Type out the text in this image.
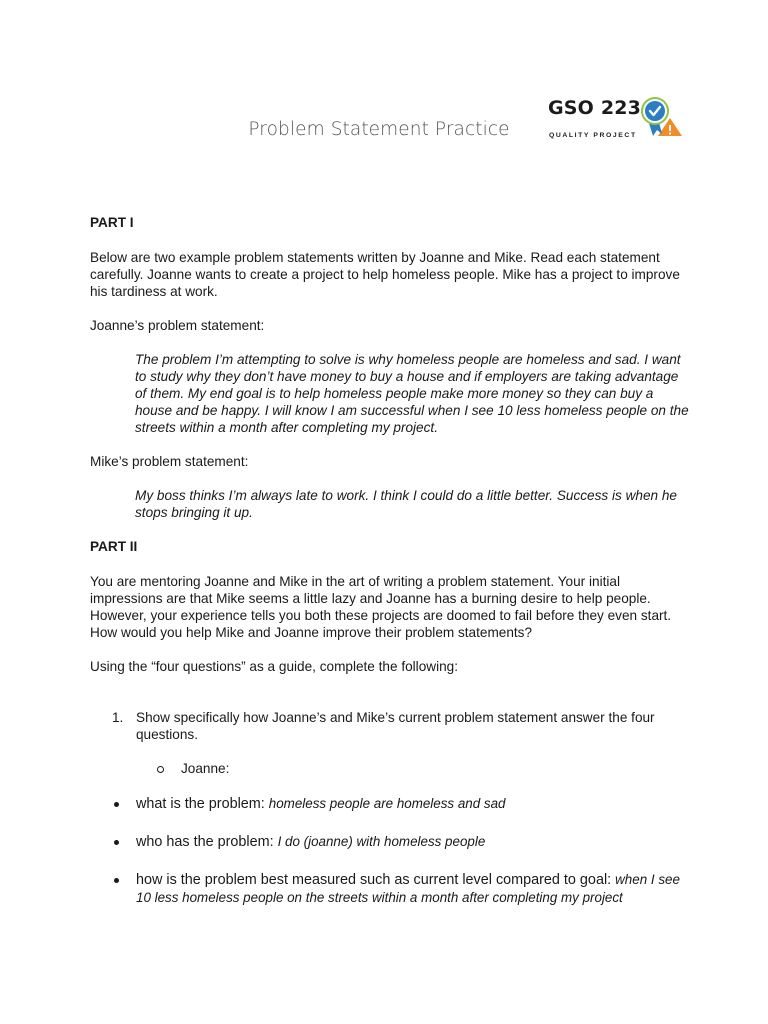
Problem Statement Practice
GSO 223
QUALITY PROJECT

PART I

Below are two example problem statements written by Joanne and Mike. Read each statement carefully. Joanne wants to create a project to help homeless people. Mike has a project to improve his tardiness at work.

Joanne’s problem statement:

The problem I’m attempting to solve is why homeless people are homeless and sad. I want to study why they don’t have money to buy a house and if employers are taking advantage of them. My end goal is to help homeless people make more money so they can buy a house and be happy. I will know I am successful when I see 10 less homeless people on the streets within a month after completing my project.

Mike’s problem statement:

My boss thinks I’m always late to work. I think I could do a little better. Success is when he stops bringing it up.

PART II

You are mentoring Joanne and Mike in the art of writing a problem statement. Your initial impressions are that Mike seems a little lazy and Joanne has a burning desire to help people. However, your experience tells you both these projects are doomed to fail before they even start. How would you help Mike and Joanne improve their problem statements?

Using the “four questions” as a guide, complete the following:

1. Show specifically how Joanne’s and Mike’s current problem statement answer the four questions.
Joanne:
what is the problem: homeless people are homeless and sad
who has the problem: I do (joanne) with homeless people
how is the problem best measured such as current level compared to goal: when I see 10 less homeless people on the streets within a month after completing my project
